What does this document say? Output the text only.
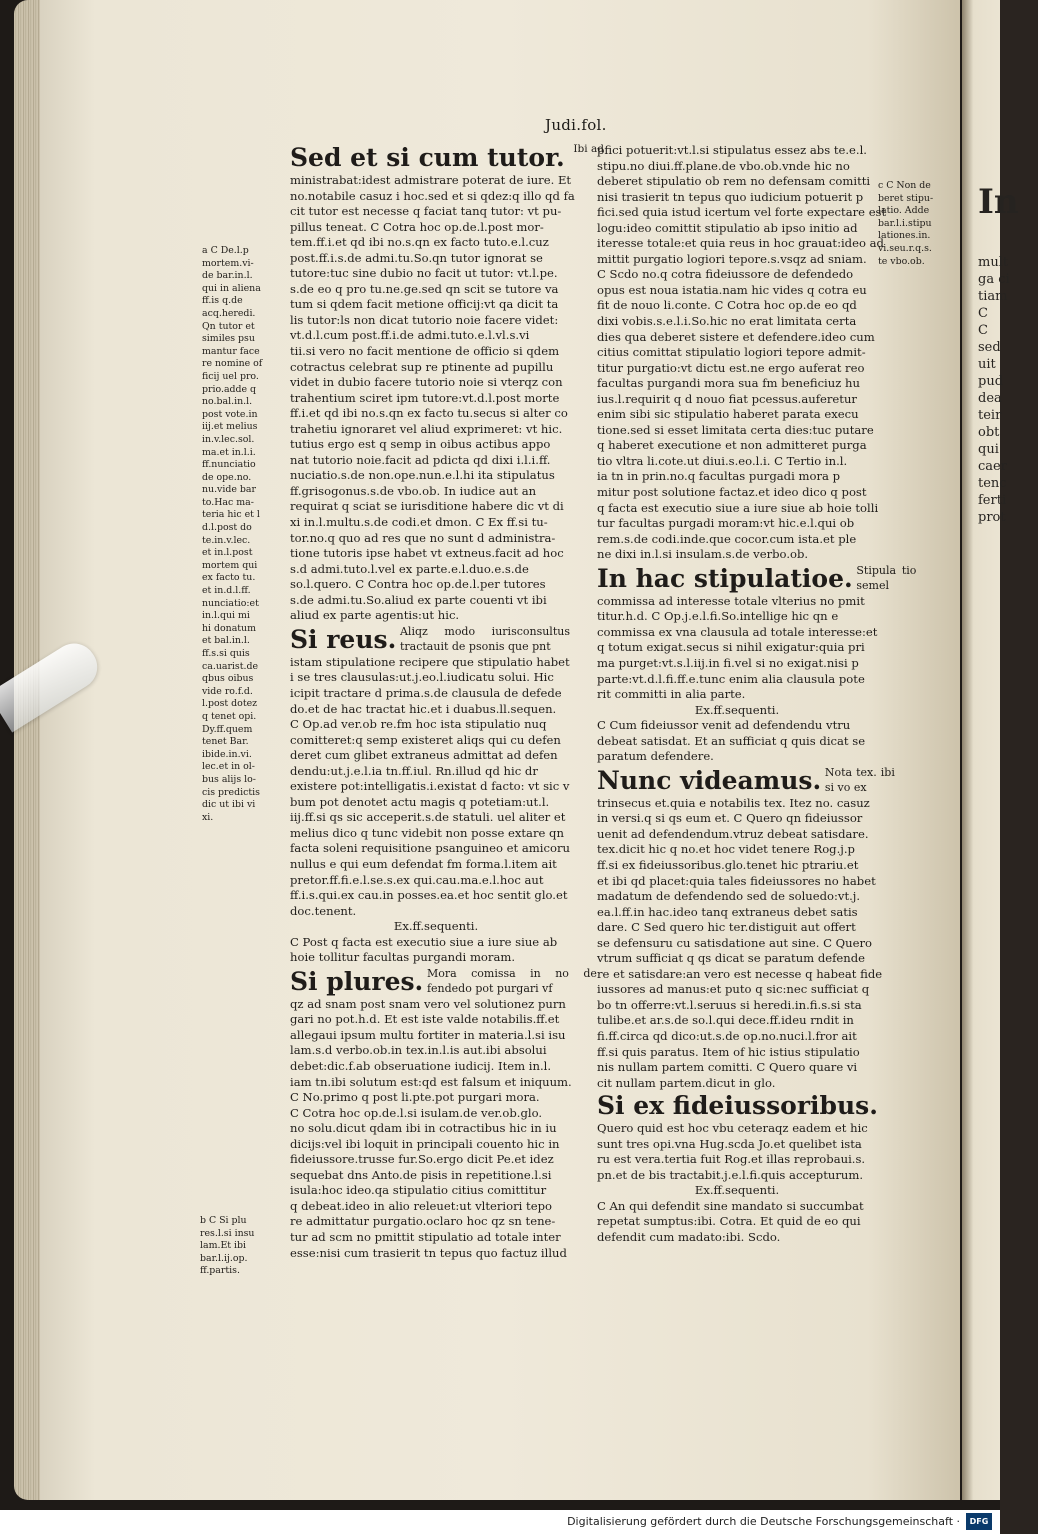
In

mult
ga ci
tiam
C
C
sed
uit
pud
dea
teir
obt
qui
caer
tenc
ferti
prot

Judi.fol.
Sed et si cum tutor. Ibi ad
ministrabat:idest admistrare poterat de iure. Et
no.notabile casuz i hoc.sed et si qdez:q illo qd fa
cit tutor est necesse q faciat tanq tutor: vt pu-
pillus teneat. C Cotra hoc op.de.l.post mor-
tem.ff.i.et qd ibi no.s.qn ex facto tuto.e.l.cuz
post.ff.i.s.de admi.tu.So.qn tutor ignorat se
tutore:tuc sine dubio no facit ut tutor: vt.l.pe.
s.de eo q pro tu.ne.ge.sed qn scit se tutore va
tum si qdem facit metione officij:vt qa dicit ta
lis tutor:ls non dicat tutorio noie facere videt:
vt.d.l.cum post.ff.i.de admi.tuto.e.l.vl.s.vi
tii.si vero no facit mentione de officio si qdem
cotractus celebrat sup re ptinente ad pupillu
videt in dubio facere tutorio noie si vterqz con
trahentium sciret ipm tutore:vt.d.l.post morte
ff.i.et qd ibi no.s.qn ex facto tu.secus si alter co
trahetiu ignoraret vel aliud exprimeret: vt hic.
tutius ergo est q semp in oibus actibus appo
nat tutorio noie.facit ad pdicta qd dixi i.l.i.ff.
nuciatio.s.de non.ope.nun.e.l.hi ita stipulatus
ff.grisogonus.s.de vbo.ob. In iudice aut an
requirat q sciat se iurisditione habere dic vt di
xi in.l.multu.s.de codi.et dmon. C Ex ff.si tu-
tor.no.q quo ad res que no sunt d administra-
tione tutoris ipse habet vt extneus.facit ad hoc
s.d admi.tuto.l.vel ex parte.e.l.duo.e.s.de
so.l.quero. C Contra hoc op.de.l.per tutores
s.de admi.tu.So.aliud ex parte couenti vt ibi
aliud ex parte agentis:ut hic.
Si reus. Aliqz modo iurisconsultus tractauit de psonis que pnt
istam stipulatione recipere que stipulatio habet
i se tres clausulas:ut.j.eo.l.iudicatu solui. Hic
icipit tractare d prima.s.de clausula de defede
do.et de hac tractat hic.et i duabus.ll.sequen.
C Op.ad ver.ob re.fm hoc ista stipulatio nuq
comitteret:q semp existeret aliqs qui cu defen
deret cum glibet extraneus admittat ad defen
dendu:ut.j.e.l.ia tn.ff.iul. Rn.illud qd hic dr
existere pot:intelligatis.i.existat d facto: vt sic v
bum pot denotet actu magis q potetiam:ut.l.
iij.ff.si qs sic acceperit.s.de statuli. uel aliter et
melius dico q tunc videbit non posse extare qn
facta soleni requisitione psanguineo et amicoru
nullus e qui eum defendat fm forma.l.item ait
pretor.ff.fi.e.l.se.s.ex qui.cau.ma.e.l.hoc aut
ff.i.s.qui.ex cau.in posses.ea.et hoc sentit glo.et
doc.tenent.
Ex.ff.sequenti.
C Post q facta est executio siue a iure siue ab
hoie tollitur facultas purgandi moram.
Si plures. Mora comissa in no de fendedo pot purgari vf
qz ad snam post snam vero vel solutionez purn
gari no pot.h.d. Et est iste valde notabilis.ff.et
allegaui ipsum multu fortiter in materia.l.si isu
lam.s.d verbo.ob.in tex.in.l.is aut.ibi absolui
debet:dic.f.ab obseruatione iudicij. Item in.l.
iam tn.ibi solutum est:qd est falsum et iniquum.
C No.primo q post li.pte.pot purgari mora.
C Cotra hoc op.de.l.si isulam.de ver.ob.glo.
no solu.dicut qdam ibi in cotractibus hic in iu
dicijs:vel ibi loquit in principali couento hic in
fideiussore.trusse fur.So.ergo dicit Pe.et idez
sequebat dns Anto.de pisis in repetitione.l.si
isula:hoc ideo.qa stipulatio citius comittitur
q debeat.ideo in alio releuet:ut vlteriori tepo
re admittatur purgatio.oclaro hoc qz sn tene-
tur ad scm no pmittit stipulatio ad totale inter
esse:nisi cum trasierit tn tepus quo factuz illud
pfici potuerit:vt.l.si stipulatus essez abs te.e.l.
stipu.no diui.ff.plane.de vbo.ob.vnde hic no
deberet stipulatio ob rem no defensam comitti
nisi trasierit tn tepus quo iudicium potuerit p
fici.sed quia istud icertum vel forte expectare est
logu:ideo comittit stipulatio ab ipso initio ad
iteresse totale:et quia reus in hoc grauat:ideo ad
mittit purgatio logiori tepore.s.vsqz ad sniam.
C Scdo no.q cotra fideiussore de defendedo
opus est noua istatia.nam hic vides q cotra eu
fit de nouo li.conte. C Cotra hoc op.de eo qd
dixi vobis.s.e.l.i.So.hic no erat limitata certa
dies qua deberet sistere et defendere.ideo cum
citius comittat stipulatio logiori tepore admit-
titur purgatio:vt dictu est.ne ergo auferat reo
facultas purgandi mora sua fm beneficiuz hu
ius.l.requirit q d nouo fiat pcessus.auferetur
enim sibi sic stipulatio haberet parata execu
tione.sed si esset limitata certa dies:tuc putare
q haberet executione et non admitteret purga
tio vltra li.cote.ut diui.s.eo.l.i. C Tertio in.l.
ia tn in prin.no.q facultas purgadi mora p
mitur post solutione factaz.et ideo dico q post
q facta est executio siue a iure siue ab hoie tolli
tur facultas purgadi moram:vt hic.e.l.qui ob
rem.s.de codi.inde.que cocor.cum ista.et ple
ne dixi in.l.si insulam.s.de verbo.ob.
In hac stipulatioe. Stipula tio semel
commissa ad interesse totale vlterius no pmit
titur.h.d. C Op.j.e.l.fi.So.intellige hic qn e
commissa ex vna clausula ad totale interesse:et
q totum exigat.secus si nihil exigatur:quia pri
ma purget:vt.s.l.iij.in fi.vel si no exigat.nisi p
parte:vt.d.l.fi.ff.e.tunc enim alia clausula pote
rit committi in alia parte.
Ex.ff.sequenti.
C Cum fideiussor venit ad defendendu vtru
debeat satisdat. Et an sufficiat q quis dicat se
paratum defendere.
Nunc videamus. Nota tex. ibi si vo ex
trinsecus et.quia e notabilis tex. Itez no. casuz
in versi.q si qs eum et. C Quero qn fideiussor
uenit ad defendendum.vtruz debeat satisdare.
tex.dicit hic q no.et hoc videt tenere Rog.j.p
ff.si ex fideiussoribus.glo.tenet hic ptrariu.et
et ibi qd placet:quia tales fideiussores no habet
madatum de defendendo sed de soluedo:vt.j.
ea.l.ff.in hac.ideo tanq extraneus debet satis
dare. C Sed quero hic ter.distiguit aut offert
se defensuru cu satisdatione aut sine. C Quero
vtrum sufficiat q qs dicat se paratum defende
re et satisdare:an vero est necesse q habeat fide
iussores ad manus:et puto q sic:nec sufficiat q
bo tn offerre:vt.l.seruus si heredi.in.fi.s.si sta
tulibe.et ar.s.de so.l.qui dece.ff.ideu rndit in
fi.ff.circa qd dico:ut.s.de op.no.nuci.l.fror ait
ff.si quis paratus. Item of hic istius stipulatio
nis nullam partem comitti. C Quero quare vi
cit nullam partem.dicut in glo.
Si ex fideiussoribus.
Quero quid est hoc vbu ceteraqz eadem et hic
sunt tres opi.vna Hug.scda Jo.et quelibet ista
ru est vera.tertia fuit Rog.et illas reprobaui.s.
pn.et de bis tractabit.j.e.l.fi.quis accepturum.
Ex.ff.sequenti.
C An qui defendit sine mandato si succumbat
repetat sumptus:ibi. Cotra. Et quid de eo qui
defendit cum madato:ibi. Scdo.
a C De.l.p
mortem.vi-
de bar.in.l.
qui in aliena
ff.is q.de
acq.heredi.
Qn tutor et
similes psu
mantur face
re nomine of
ficij uel pro.
prio.adde q
no.bal.in.l.
post vote.in
iij.et melius
in.v.lec.sol.
ma.et in.l.i.
ff.nunciatio
de ope.no.
nu.vide bar
to.Hac ma-
teria hic et l
d.l.post do
te.in.v.lec.
et in.l.post
mortem qui
ex facto tu.
et in.d.l.ff.
nunciatio:et
in.l.qui mi
hi donatum
et bal.in.l.
ff.s.si quis
ca.uarist.de
qbus oibus
vide ro.f.d.
l.post dotez
q tenet opi.
Dy.ff.quem
tenet Bar.
ibide.in.vi.
lec.et in ol-
bus alijs lo-
cis predictis
dic ut ibi vi
xi.
b C Si plu
res.l.si insu
lam.Et ibi
bar.l.ij.op.
ff.partis.
c C Non de
beret stipu-
latio. Adde
bar.l.i.stipu
lationes.in.
vi.seu.r.q.s.
te vbo.ob.
Digitalisierung gefördert durch die Deutsche Forschungsgemeinschaft ·	DFG
